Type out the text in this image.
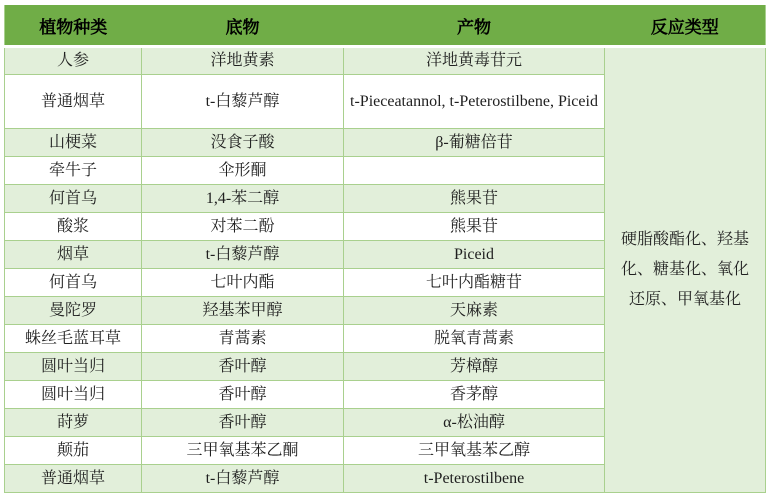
植物种类	底物	产物	反应类型
人参	洋地黄素	洋地黄毒苷元	硬脂酸酯化、羟基化、糖基化、氧化还原、甲氧基化
普通烟草	t-白藜芦醇	t-Pieceatannol, t-Peterostilbene, Piceid	
山梗菜	没食子酸	β-葡糖倍苷	
牵牛子	伞形酮		
何首乌	1,4-苯二醇	熊果苷	
酸浆	对苯二酚	熊果苷	
烟草	t-白藜芦醇	Piceid	
何首乌	七叶内酯	七叶内酯糖苷	
曼陀罗	羟基苯甲醇	天麻素	
蛛丝毛蓝耳草	青蒿素	脱氧青蒿素	
圆叶当归	香叶醇	芳樟醇	
圆叶当归	香叶醇	香茅醇	
莳萝	香叶醇	α-松油醇	
颠茄	三甲氧基苯乙酮	三甲氧基苯乙醇	
普通烟草	t-白藜芦醇	t-Peterostilbene	
